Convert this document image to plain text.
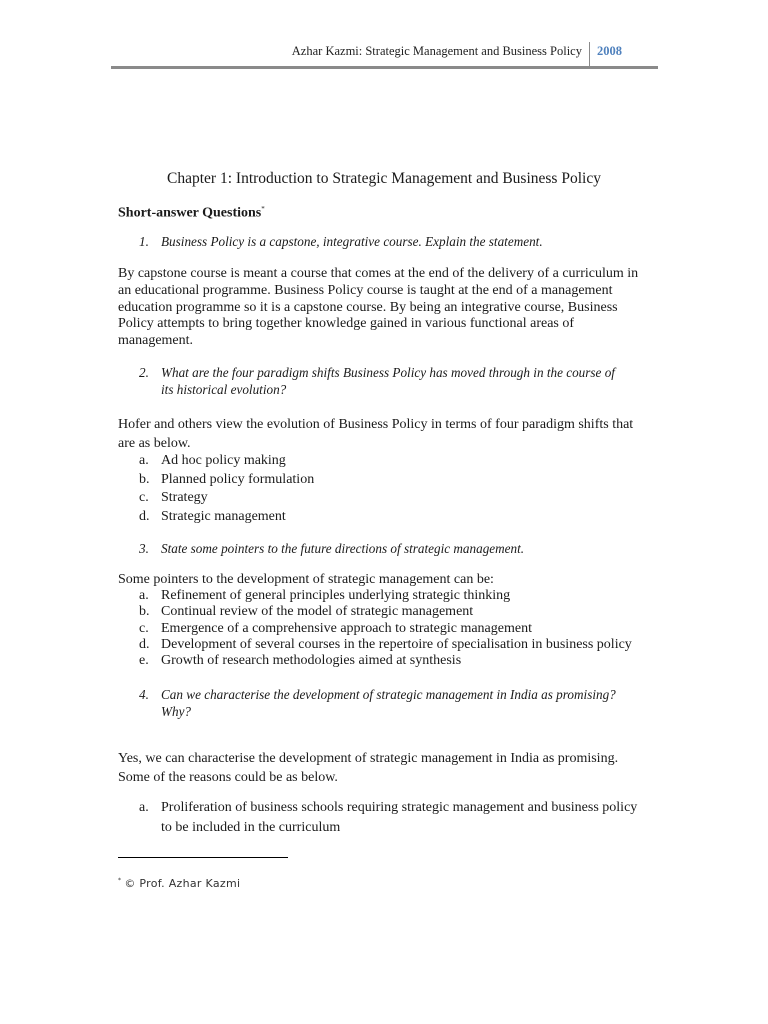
Azhar Kazmi: Strategic Management and Business Policy 2008
Chapter 1: Introduction to Strategic Management and Business Policy
Short-answer Questions*
1. Business Policy is a capstone, integrative course. Explain the statement.
By capstone course is meant a course that comes at the end of the delivery of a curriculum in
an educational programme. Business Policy course is taught at the end of a management
education programme so it is a capstone course. By being an integrative course, Business
Policy attempts to bring together knowledge gained in various functional areas of
management.
2. What are the four paradigm shifts Business Policy has moved through in the course of
its historical evolution?
Hofer and others view the evolution of Business Policy in terms of four paradigm shifts that
are as below.
a. Ad hoc policy making
b. Planned policy formulation
c. Strategy
d. Strategic management
3. State some pointers to the future directions of strategic management.
Some pointers to the development of strategic management can be:
a. Refinement of general principles underlying strategic thinking
b. Continual review of the model of strategic management
c. Emergence of a comprehensive approach to strategic management
d. Development of several courses in the repertoire of specialisation in business policy
e. Growth of research methodologies aimed at synthesis
4. Can we characterise the development of strategic management in India as promising?
Why?
Yes, we can characterise the development of strategic management in India as promising.
Some of the reasons could be as below.
a. Proliferation of business schools requiring strategic management and business policy
to be included in the curriculum
* © Prof. Azhar Kazmi
